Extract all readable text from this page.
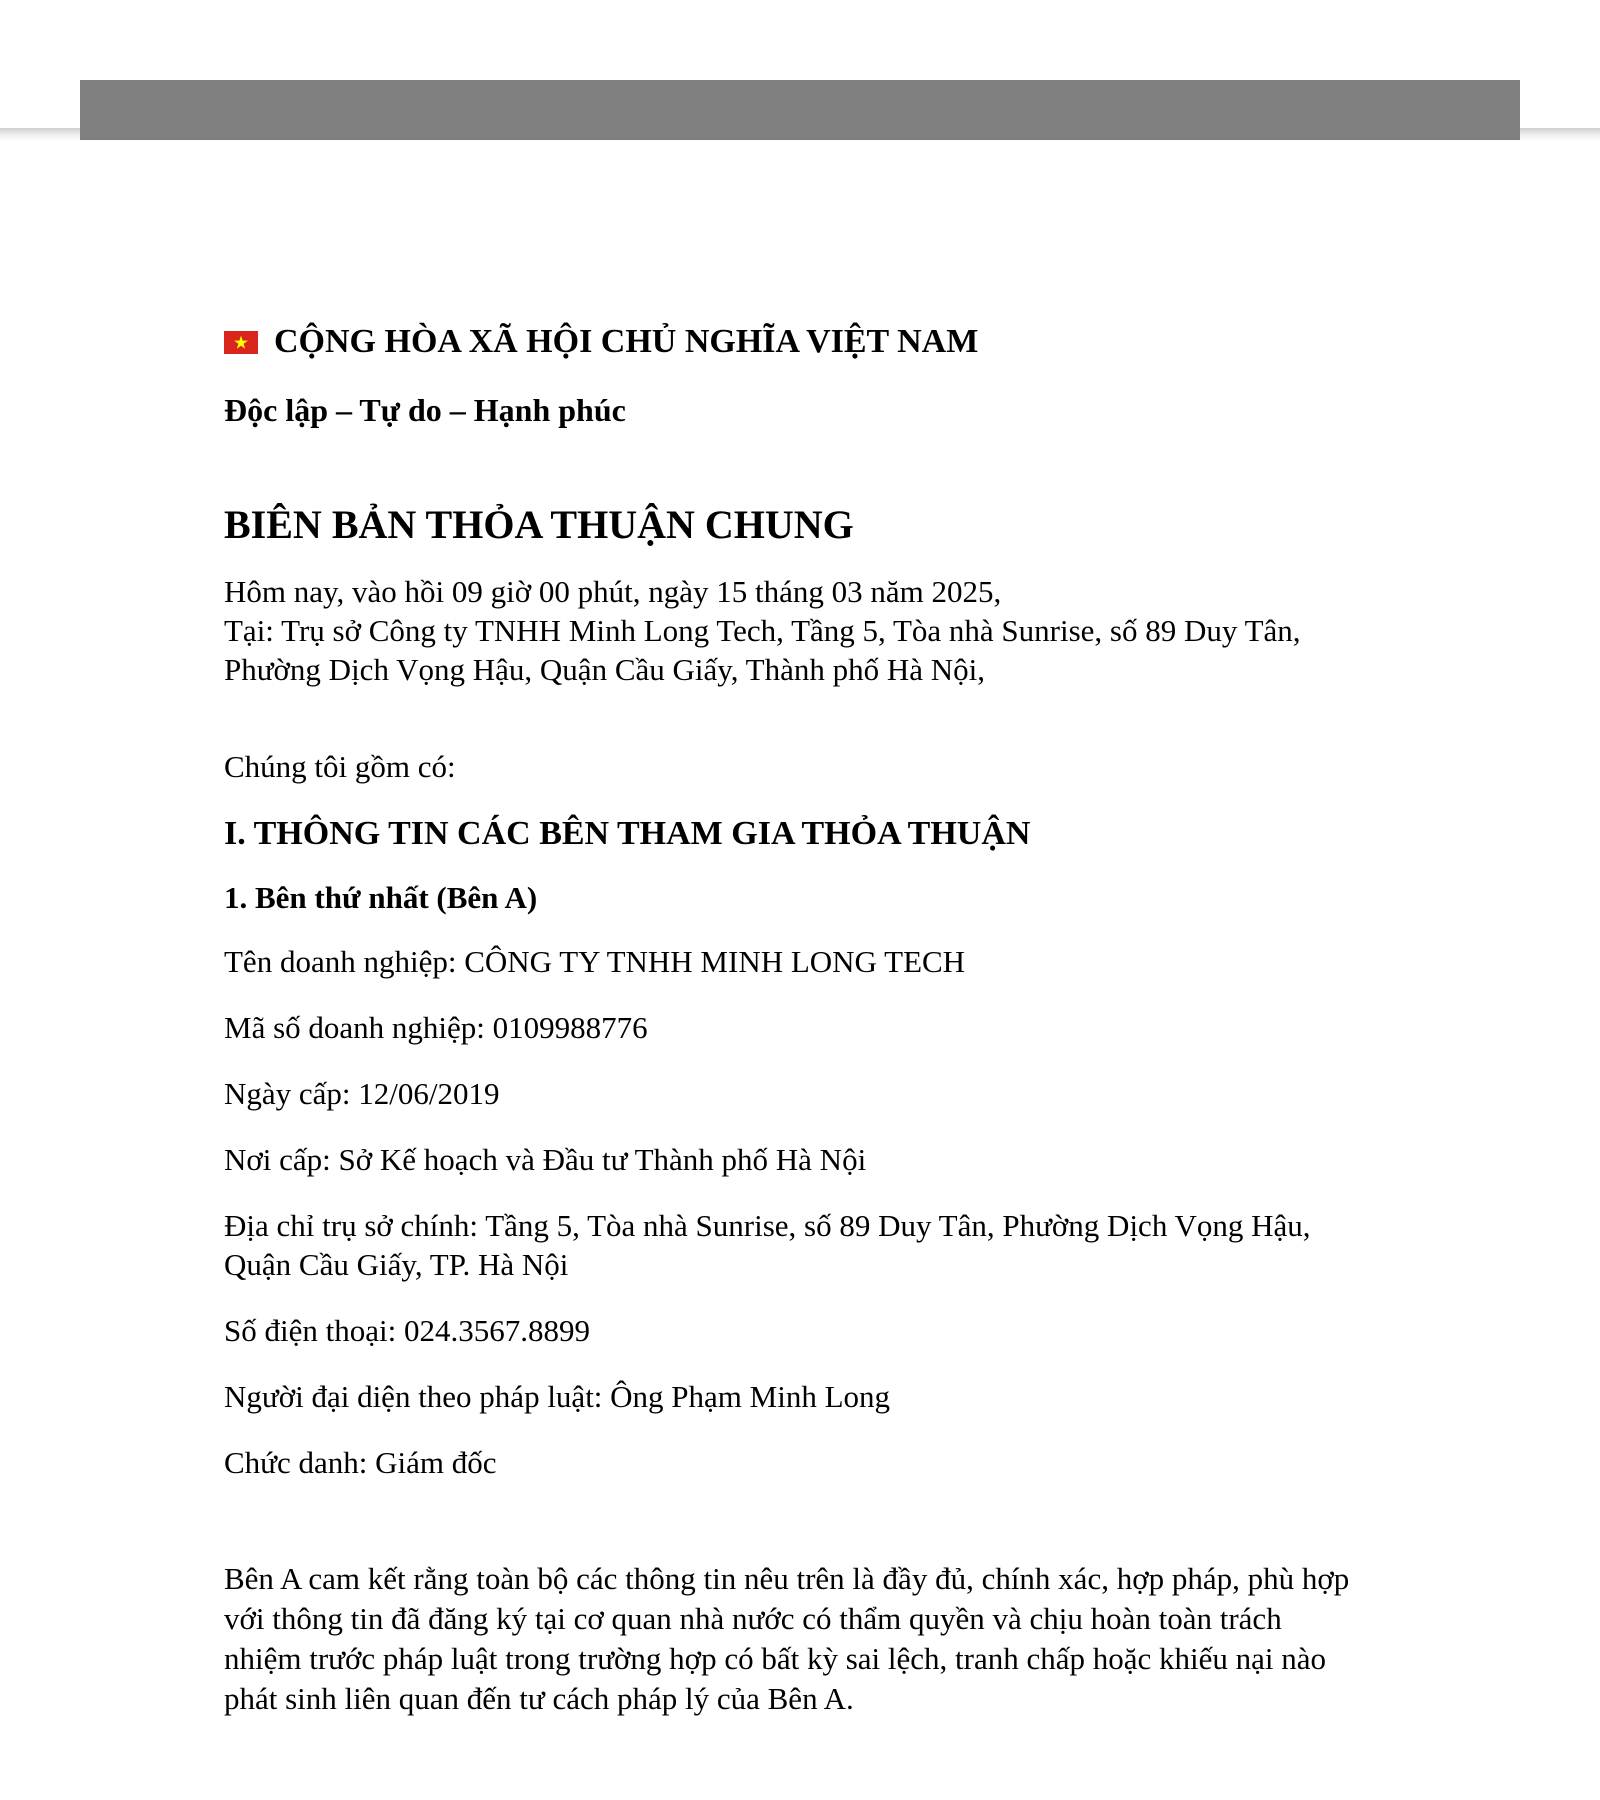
CỘNG HÒA XÃ HỘI CHỦ NGHĨA VIỆT NAM
Độc lập – Tự do – Hạnh phúc
BIÊN BẢN THỎA THUẬN CHUNG

Hôm nay, vào hồi 09 giờ 00 phút, ngày 15 tháng 03 năm 2025,

Tại: Trụ sở Công ty TNHH Minh Long Tech, Tầng 5, Tòa nhà Sunrise, số 89 Duy Tân, Phường Dịch Vọng Hậu, Quận Cầu Giấy, Thành phố Hà Nội,

Chúng tôi gồm có:

I. THÔNG TIN CÁC BÊN THAM GIA THỎA THUẬN
1. Bên thứ nhất (Bên A)

Tên doanh nghiệp: CÔNG TY TNHH MINH LONG TECH

Mã số doanh nghiệp: 0109988776

Ngày cấp: 12/06/2019

Nơi cấp: Sở Kế hoạch và Đầu tư Thành phố Hà Nội

Địa chỉ trụ sở chính: Tầng 5, Tòa nhà Sunrise, số 89 Duy Tân, Phường Dịch Vọng Hậu, Quận Cầu Giấy, TP. Hà Nội

Số điện thoại: 024.3567.8899

Người đại diện theo pháp luật: Ông Phạm Minh Long

Chức danh: Giám đốc

Bên A cam kết rằng toàn bộ các thông tin nêu trên là đầy đủ, chính xác, hợp pháp, phù hợp với thông tin đã đăng ký tại cơ quan nhà nước có thẩm quyền và chịu hoàn toàn trách nhiệm trước pháp luật trong trường hợp có bất kỳ sai lệch, tranh chấp hoặc khiếu nại nào phát sinh liên quan đến tư cách pháp lý của Bên A.
